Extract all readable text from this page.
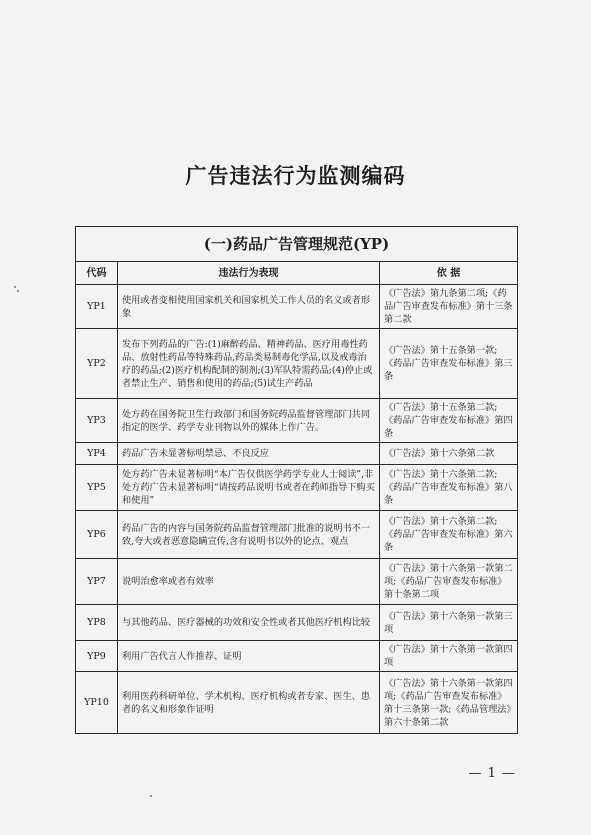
广告违法行为监测编码
(一)药品广告管理规范(YP)		
代码	违法行为表现	依 据
YP1	使用或者变相使用国家机关和国家机关工作人员的名义或者形象	《广告法》第九条第二项;《药品广告审查发布标准》第十三条第二款
YP2	发布下列药品的广告:(1)麻醉药品、精神药品、医疗用毒性药品、放射性药品等特殊药品,药品类易制毒化学品,以及戒毒治疗的药品;(2)医疗机构配制的制剂;(3)军队特需药品;(4)停止或者禁止生产、销售和使用的药品;(5)试生产药品	《广告法》第十五条第一款;《药品广告审查发布标准》第三条
YP3	处方药在国务院卫生行政部门和国务院药品监督管理部门共同指定的医学、药学专业刊物以外的媒体上作广告。	《广告法》第十五条第二款;《药品广告审查发布标准》第四条
YP4	药品广告未显著标明禁忌、不良反应	《广告法》第十六条第二款
YP5	处方药广告未显著标明“本广告仅供医学药学专业人士阅读”,非处方药广告未显著标明“请按药品说明书或者在药师指导下购买和使用”	《广告法》第十六条第二款;《药品广告审查发布标准》第八条
YP6	药品广告的内容与国务院药品监督管理部门批准的说明书不一致,夸大或者恶意隐瞒宣传,含有说明书以外的论点、观点	《广告法》第十六条第二款;《药品广告审查发布标准》第六条
YP7	说明治愈率或者有效率	《广告法》第十六条第一款第二项;《药品广告审查发布标准》第十条第二项
YP8	与其他药品、医疗器械的功效和安全性或者其他医疗机构比较	《广告法》第十六条第一款第三项
YP9	利用广告代言人作推荐、证明	《广告法》第十六条第一款第四项
YP10	利用医药科研单位、学术机构、医疗机构或者专家、医生、患者的名义和形象作证明	《广告法》第十六条第一款第四项;《药品广告审查发布标准》第十三条第一款;《药品管理法》第六十条第二款
— 1 —
